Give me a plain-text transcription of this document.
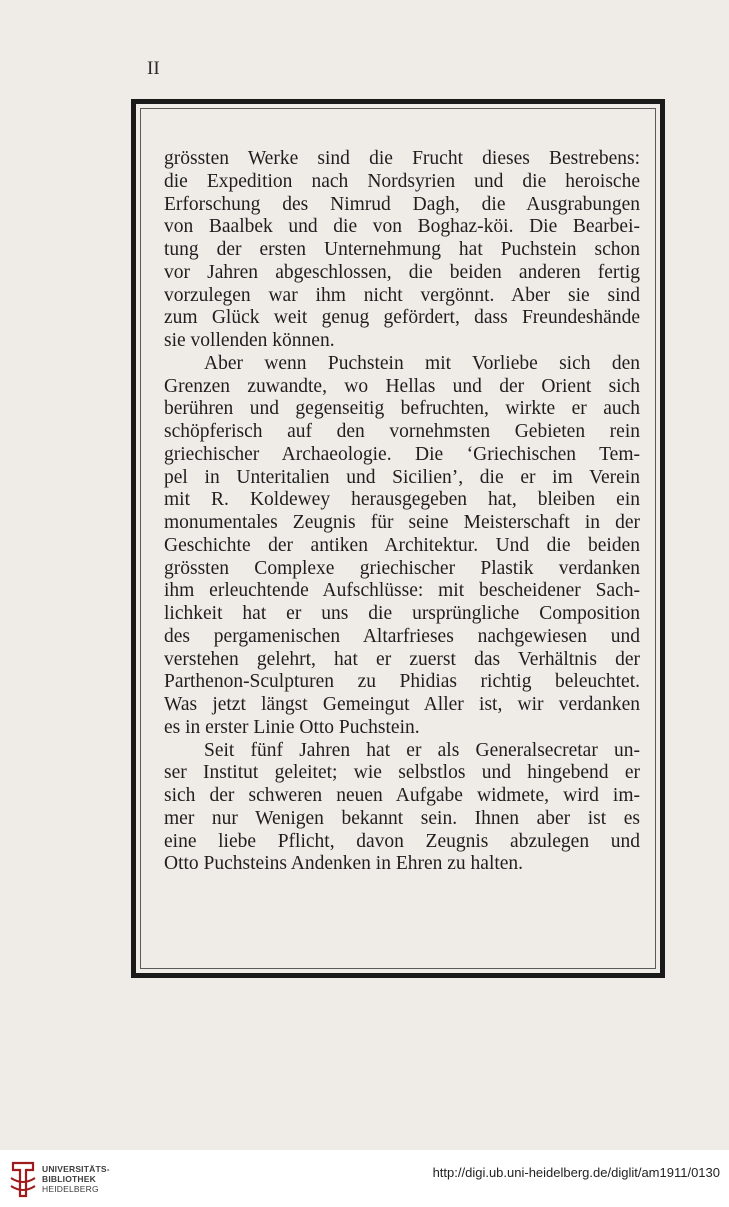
II
grössten Werke sind die Frucht dieses Bestrebens:
die Expedition nach Nordsyrien und die heroische
Erforschung des Nimrud Dagh, die Ausgrabungen
von Baalbek und die von Boghaz-köi. Die Bearbei-
tung der ersten Unternehmung hat Puchstein schon
vor Jahren abgeschlossen, die beiden anderen fertig
vorzulegen war ihm nicht vergönnt. Aber sie sind
zum Glück weit genug gefördert, dass Freundeshände
sie vollenden können.
Aber wenn Puchstein mit Vorliebe sich den
Grenzen zuwandte, wo Hellas und der Orient sich
berühren und gegenseitig befruchten, wirkte er auch
schöpferisch auf den vornehmsten Gebieten rein
griechischer Archaeologie. Die ‘Griechischen Tem-
pel in Unteritalien und Sicilien’, die er im Verein
mit R. Koldewey herausgegeben hat, bleiben ein
monumentales Zeugnis für seine Meisterschaft in der
Geschichte der antiken Architektur. Und die beiden
grössten Complexe griechischer Plastik verdanken
ihm erleuchtende Aufschlüsse: mit bescheidener Sach-
lichkeit hat er uns die ursprüngliche Composition
des pergamenischen Altarfrieses nachgewiesen und
verstehen gelehrt, hat er zuerst das Verhältnis der
Parthenon-Sculpturen zu Phidias richtig beleuchtet.
Was jetzt längst Gemeingut Aller ist, wir verdanken
es in erster Linie Otto Puchstein.
Seit fünf Jahren hat er als Generalsecretar un-
ser Institut geleitet; wie selbstlos und hingebend er
sich der schweren neuen Aufgabe widmete, wird im-
mer nur Wenigen bekannt sein. Ihnen aber ist es
eine liebe Pflicht, davon Zeugnis abzulegen und
Otto Puchsteins Andenken in Ehren zu halten.
UNIVERSITÄTS-
BIBLIOTHEK
HEIDELBERG
http://digi.ub.uni-heidelberg.de/diglit/am1911/0130
